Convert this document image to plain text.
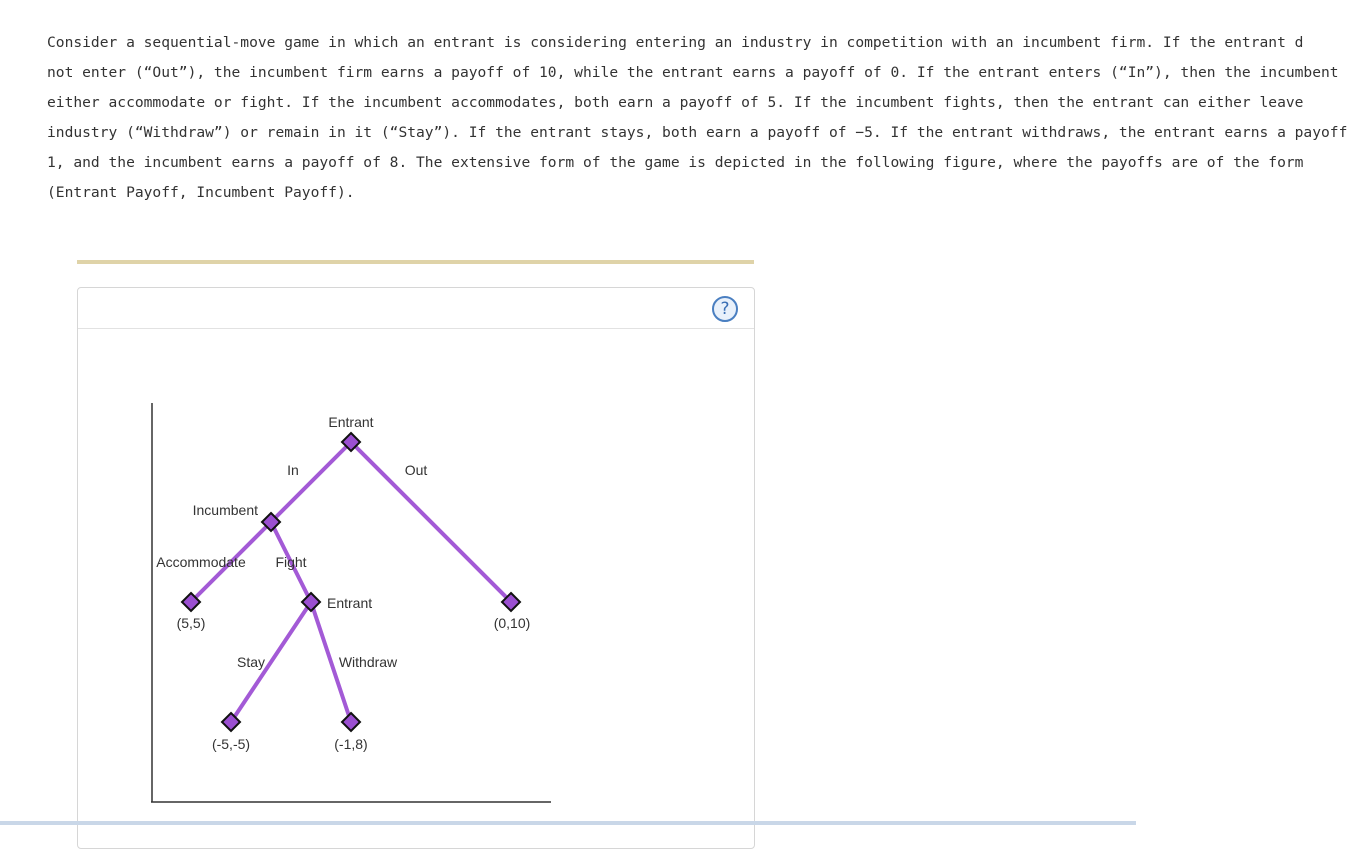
Consider a sequential-move game in which an entrant is considering entering an industry in competition with an incumbent firm. If the entrant d

not enter (“Out”), the incumbent firm earns a payoff of 10, while the entrant earns a payoff of 0. If the entrant enters (“In”), then the incumbent

either accommodate or fight. If the incumbent accommodates, both earn a payoff of 5. If the incumbent fights, then the entrant can either leave

industry (“Withdraw”) or remain in it (“Stay”). If the entrant stays, both earn a payoff of −5. If the entrant withdraws, the entrant earns a payoff

1, and the incumbent earns a payoff of 8. The extensive form of the game is depicted in the following figure, where the payoffs are of the form

(Entrant Payoff, Incumbent Payoff).

?
Entrant
Incumbent
Entrant
In	Out
Accommodate Fight
Stay	Withdraw
(5,5)	(0,10)
(-5,-5)	(-1,8)
